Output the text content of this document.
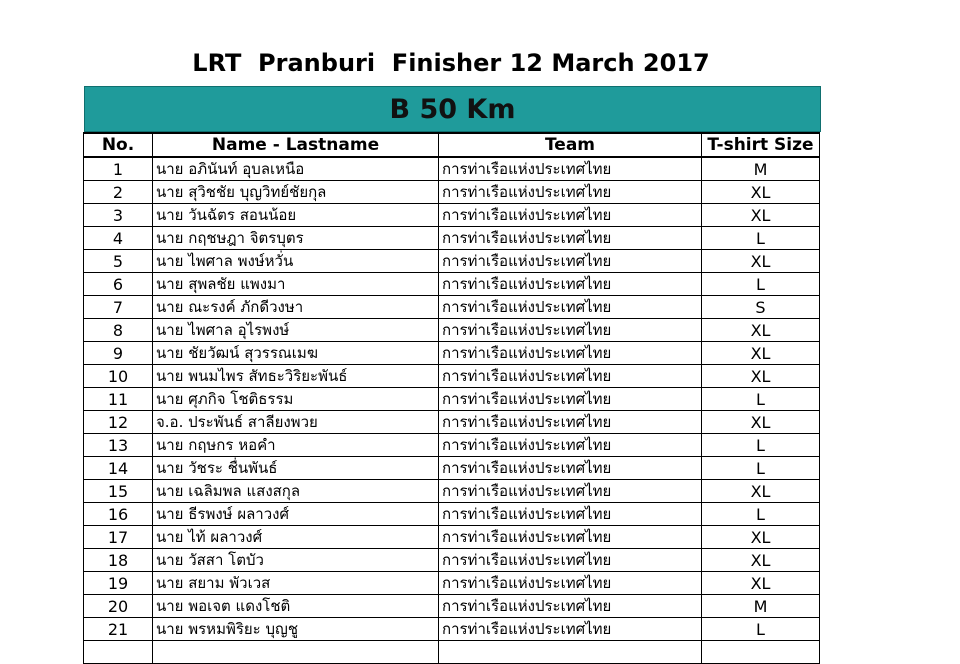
LRT  Pranburi  Finisher 12 March 2017
B 50 Km
No.	Name - Lastname	Team	T-shirt Size
1	นาย อภินันท์ อุบลเหนือ	การท่าเรือแห่งประเทศไทย	M
2	นาย สุวิชชัย บุญวิทย์ชัยกุล	การท่าเรือแห่งประเทศไทย	XL
3	นาย วันฉัตร สอนน้อย	การท่าเรือแห่งประเทศไทย	XL
4	นาย กฤชษฎา จิตรบุตร	การท่าเรือแห่งประเทศไทย	L
5	นาย ไพศาล พงษ์หวั่น	การท่าเรือแห่งประเทศไทย	XL
6	นาย สุพลชัย แพงมา	การท่าเรือแห่งประเทศไทย	L
7	นาย ณะรงค์ ภักดีวงษา	การท่าเรือแห่งประเทศไทย	S
8	นาย ไพศาล อุไรพงษ์	การท่าเรือแห่งประเทศไทย	XL
9	นาย ชัยวัฒน์ สุวรรณเมฆ	การท่าเรือแห่งประเทศไทย	XL
10	นาย พนมไพร สัทธะวิริยะพันธ์	การท่าเรือแห่งประเทศไทย	XL
11	นาย ศุภกิจ โชติธรรม	การท่าเรือแห่งประเทศไทย	L
12	จ.อ. ประพันธ์ สาลียงพวย	การท่าเรือแห่งประเทศไทย	XL
13	นาย กฤษกร หอคำ	การท่าเรือแห่งประเทศไทย	L
14	นาย วัชระ ชื่นพันธ์	การท่าเรือแห่งประเทศไทย	L
15	นาย เฉลิมพล แสงสกุล	การท่าเรือแห่งประเทศไทย	XL
16	นาย ธีรพงษ์ ผลาวงศ์	การท่าเรือแห่งประเทศไทย	L
17	นาย ไท้ ผลาวงศ์	การท่าเรือแห่งประเทศไทย	XL
18	นาย วัสสา โตบัว	การท่าเรือแห่งประเทศไทย	XL
19	นาย สยาม พัวเวส	การท่าเรือแห่งประเทศไทย	XL
20	นาย พอเจต แดงโชติ	การท่าเรือแห่งประเทศไทย	M
21	นาย พรหมพิริยะ บุญชู	การท่าเรือแห่งประเทศไทย	L
